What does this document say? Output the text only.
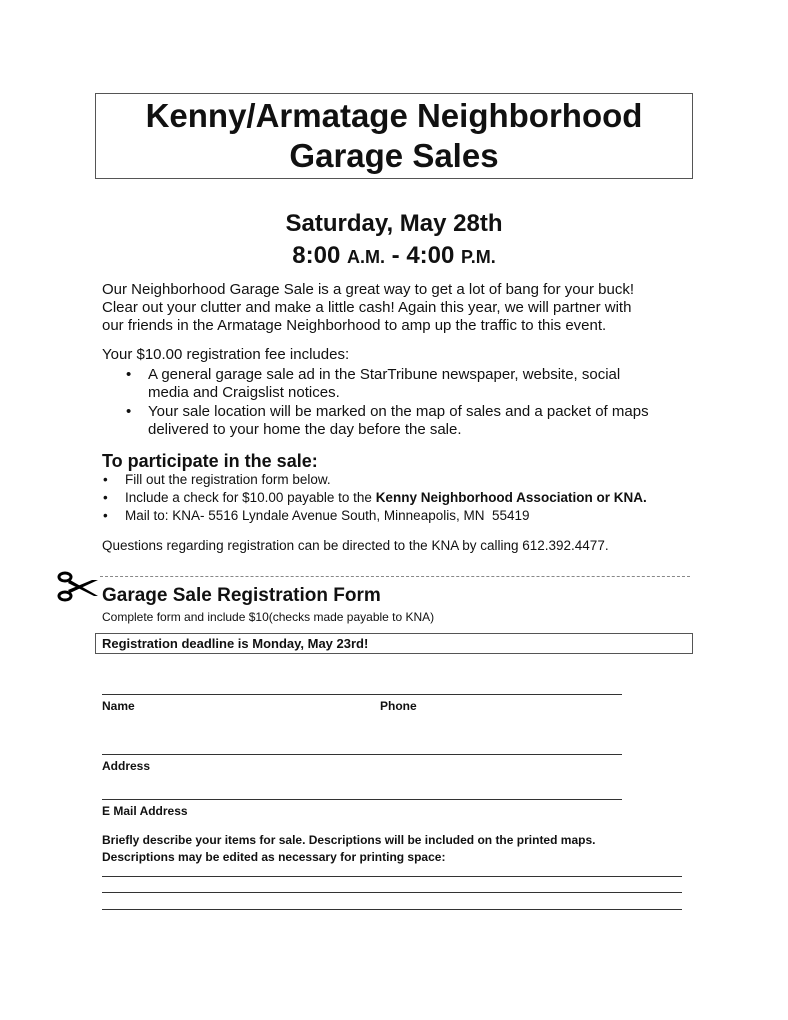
Kenny/Armatage Neighborhood
Garage Sales
Saturday, May 28th
8:00 A.M. - 4:00 P.M.
Our Neighborhood Garage Sale is a great way to get a lot of bang for your buck!
Clear out your clutter and make a little cash! Again this year, we will partner with
our friends in the Armatage Neighborhood to amp up the traffic to this event.
Your $10.00 registration fee includes:
• A general garage sale ad in the StarTribune newspaper, website, social
media and Craigslist notices.
• Your sale location will be marked on the map of sales and a packet of maps
delivered to your home the day before the sale.
To participate in the sale:
• Fill out the registration form below.
• Include a check for $10.00 payable to the Kenny Neighborhood Association or KNA.
• Mail to: KNA- 5516 Lyndale Avenue South, Minneapolis, MN  55419
Questions regarding registration can be directed to the KNA by calling 612.392.4477.
Garage Sale Registration Form
Complete form and include $10(checks made payable to KNA)
Registration deadline is Monday, May 23rd!
Name	Phone
Address
E Mail Address
Briefly describe your items for sale. Descriptions will be included on the printed maps.
Descriptions may be edited as necessary for printing space:
